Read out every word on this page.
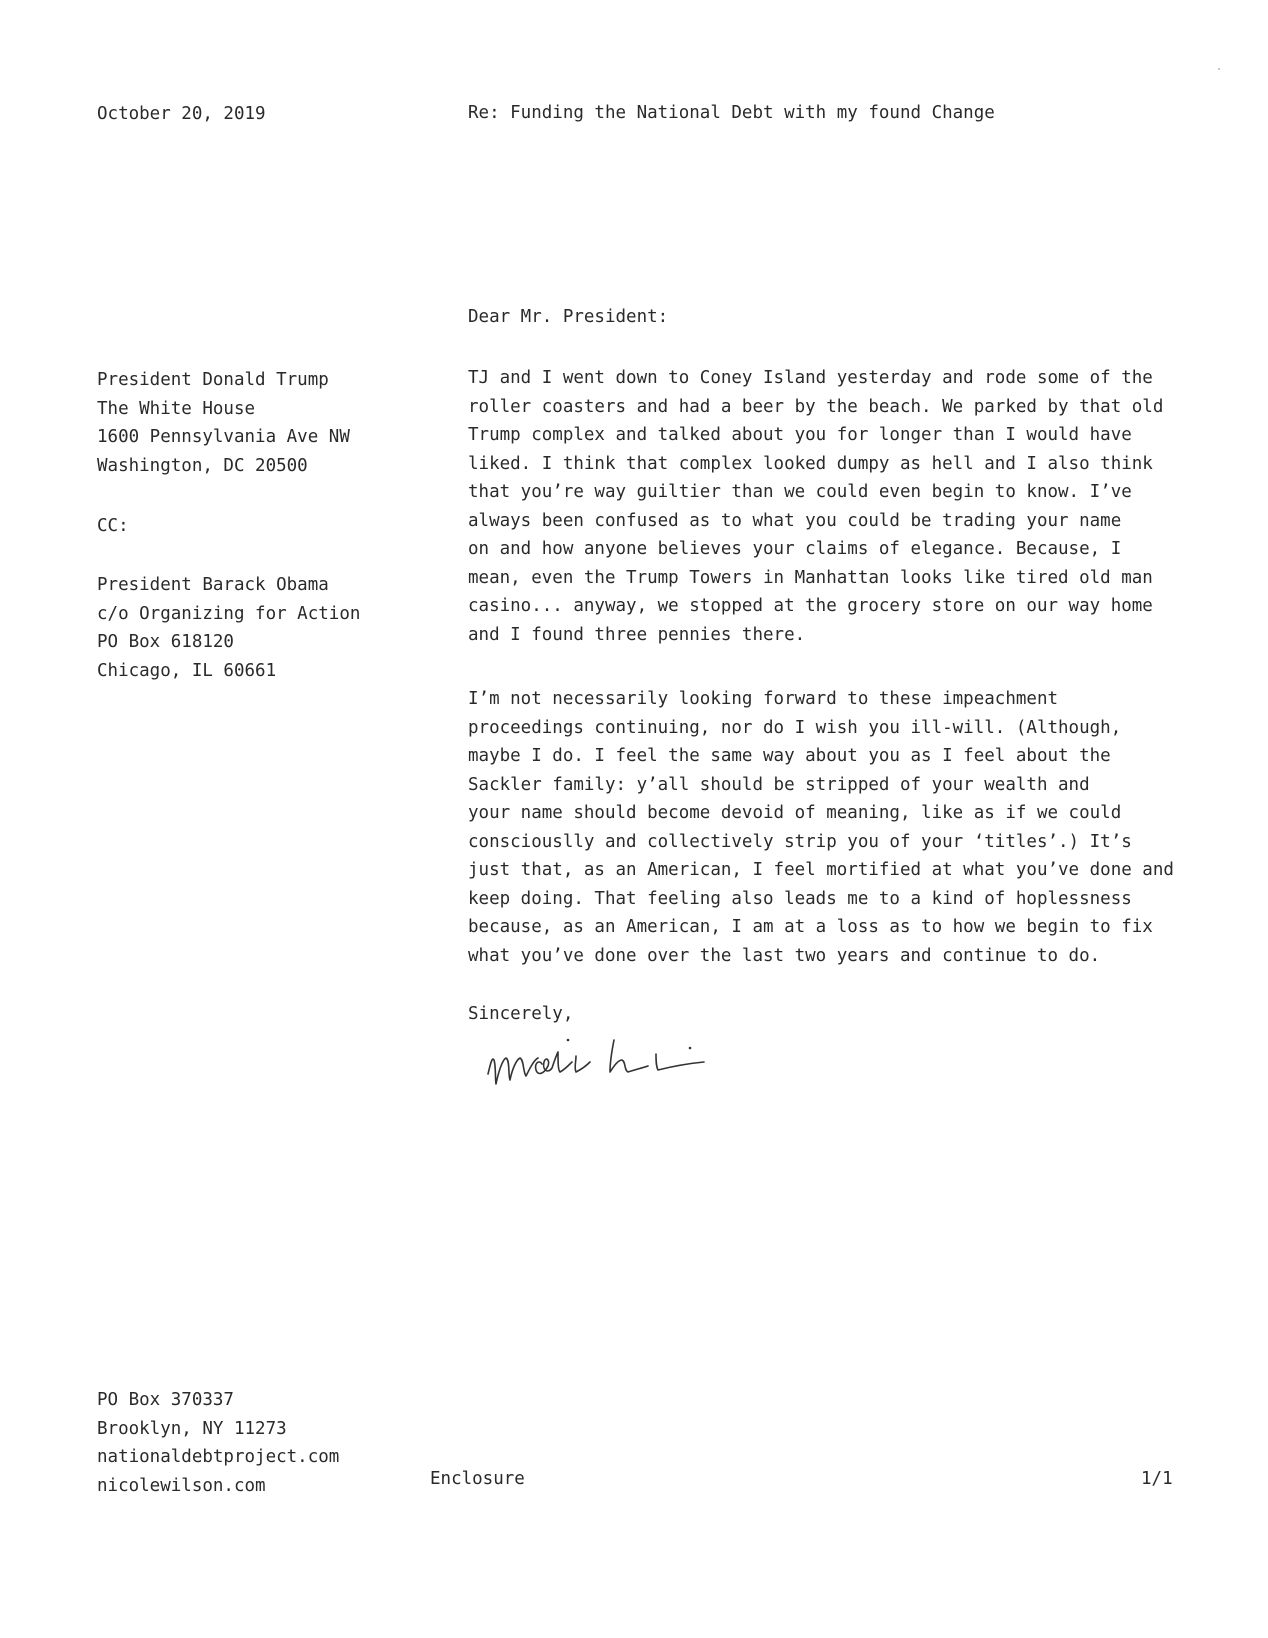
October 20, 2019	Re: Funding the National Debt with my found Change
Dear Mr. President:
President Donald Trump
The White House
1600 Pennsylvania Ave NW
Washington, DC 20500
CC:
President Barack Obama
c/o Organizing for Action
PO Box 618120
Chicago, IL 60661
TJ and I went down to Coney Island yesterday and rode some of the
roller coasters and had a beer by the beach. We parked by that old
Trump complex and talked about you for longer than I would have
liked. I think that complex looked dumpy as hell and I also think
that you’re way guiltier than we could even begin to know. I’ve
always been confused as to what you could be trading your name
on and how anyone believes your claims of elegance. Because, I
mean, even the Trump Towers in Manhattan looks like tired old man
casino... anyway, we stopped at the grocery store on our way home
and I found three pennies there.
I’m not necessarily looking forward to these impeachment
proceedings continuing, nor do I wish you ill-will. (Although,
maybe I do. I feel the same way about you as I feel about the
Sackler family: y’all should be stripped of your wealth and
your name should become devoid of meaning, like as if we could
consciouslly and collectively strip you of your ‘titles’.) It’s
just that, as an American, I feel mortified at what you’ve done and
keep doing. That feeling also leads me to a kind of hoplessness
because, as an American, I am at a loss as to how we begin to fix
what you’ve done over the last two years and continue to do.
Sincerely,
PO Box 370337
Brooklyn, NY 11273
nationaldebtproject.com
nicolewilson.com	Enclosure	1/1
